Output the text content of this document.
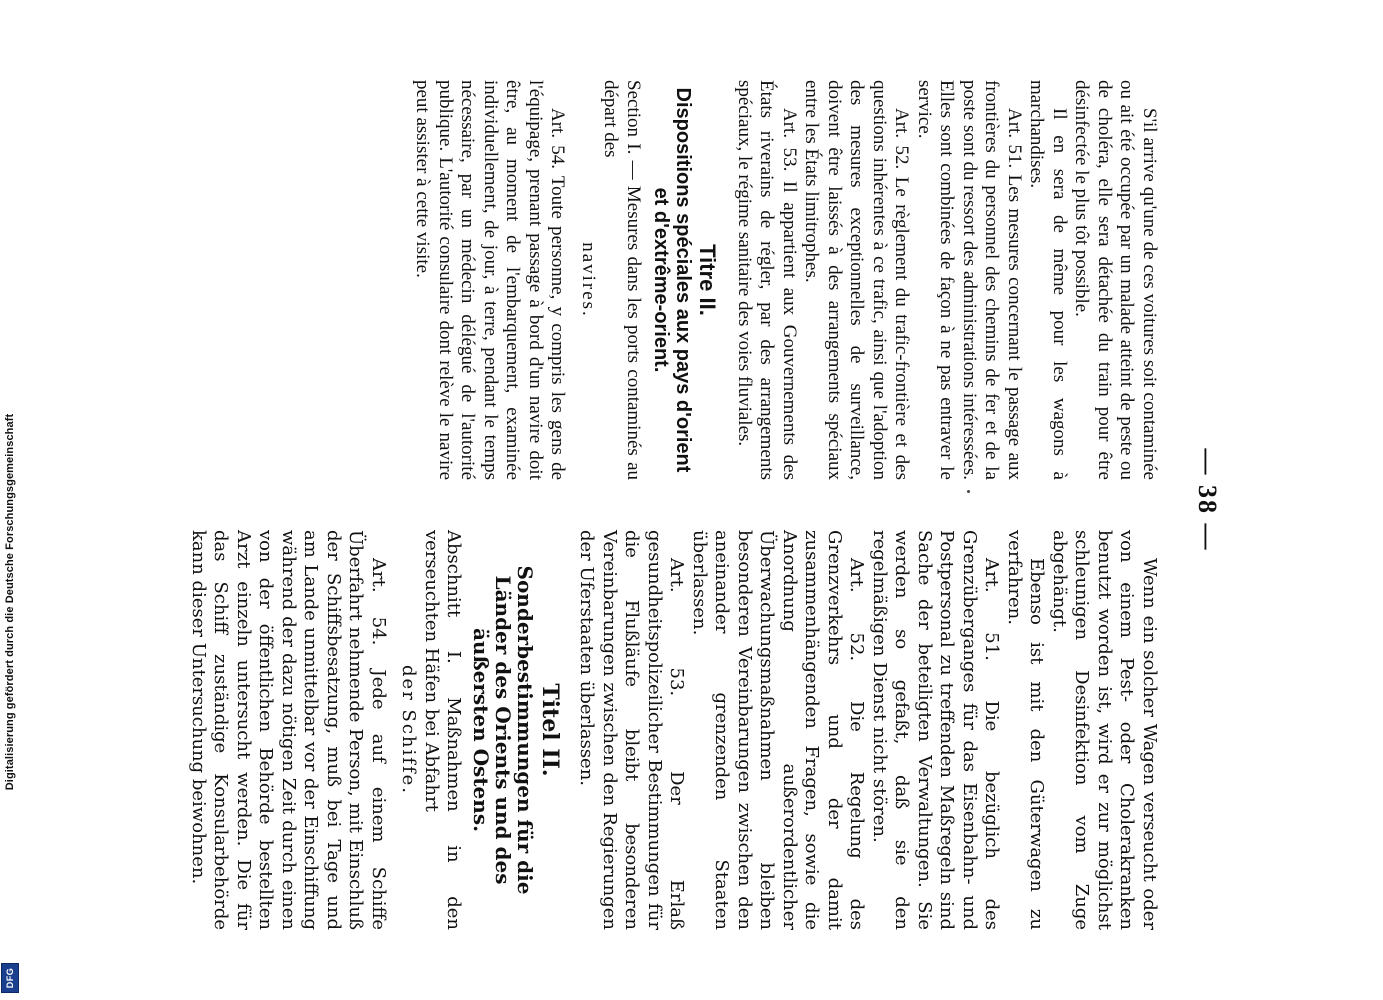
— 38 —

S'il arrive qu'une de ces voitures soit contaminée ou ait été occupée par un malade atteint de peste ou de choléra, elle sera détachée du train pour être désinfectée le plus tôt possible.

Il en sera de même pour les wagons à marchandises.

Art. 51. Les mesures concernant le passage aux frontières du personnel des chemins de fer et de la poste sont du ressort des administrations intéressées. Elles sont combinées de façon à ne pas entraver le service.

Art. 52. Le règlement du trafic-frontière et des questions inhérentes à ce trafic, ainsi que l'adoption des mesures exceptionnelles de surveillance, doivent être laissés à des arrangements spéciaux entre les États limitrophes.

Art. 53. Il appartient aux Gouvernements des États riverains de régler, par des arrangements spéciaux, le régime sanitaire des voies fluviales.

Titre II.
Dispositions spéciales aux pays d'orient et d'extrême-orient.

Section I. — Mesures dans les ports contaminés au départ des

navires.

Art. 54. Toute personne, y compris les gens de l'équipage, prenant passage à bord d'un navire doit être, au moment de l'embarquement, examinée individuellement, de jour, à terre, pendant le temps nécessaire, par un médecin délégué de l'autorité publique. L'autorité consulaire dont relève le navire peut assister à cette visite.

Wenn ein solcher Wagen verseucht oder von einem Pest- oder Cholerakranken benutzt worden ist, wird er zur möglichst schleunigen Desinfektion vom Zuge abgehängt.

Ebenso ist mit den Güterwagen zu verfahren.

Art. 51. Die bezüglich des Grenzüberganges für das Eisenbahn- und Postpersonal zu treffenden Maßregeln sind Sache der beteiligten Verwaltungen. Sie werden so gefaßt, daß sie den regelmäßigen Dienst nicht stören.

Art. 52. Die Regelung des Grenzverkehrs und der damit zusammenhängenden Fragen, sowie die Anordnung außerordentlicher Überwachungsmaßnahmen bleiben besonderen Vereinbarungen zwischen den aneinander grenzenden Staaten überlassen.

Art. 53. Der Erlaß gesundheitspolizeilicher Bestimmungen für die Flußläufe bleibt besonderen Vereinbarungen zwischen den Regierungen der Uferstaaten überlassen.

Titel II.
Sonderbestimmungen für die Länder des Orients und des äußersten Ostens.

Abschnitt I. Maßnahmen in den verseuchten Häfen bei Abfahrt

der Schiffe.

Art. 54. Jede auf einem Schiffe Überfahrt nehmende Person, mit Einschluß der Schiffsbesatzung, muß bei Tage und am Lande unmittelbar vor der Einschiffung während der dazu nötigen Zeit durch einen von der öffentlichen Behörde bestellten Arzt einzeln untersucht werden. Die für das Schiff zuständige Konsularbehörde kann dieser Untersuchung beiwohnen.

Digitalisierung gefördert durch die Deutsche Forschungsgemeinschaft
DFG
